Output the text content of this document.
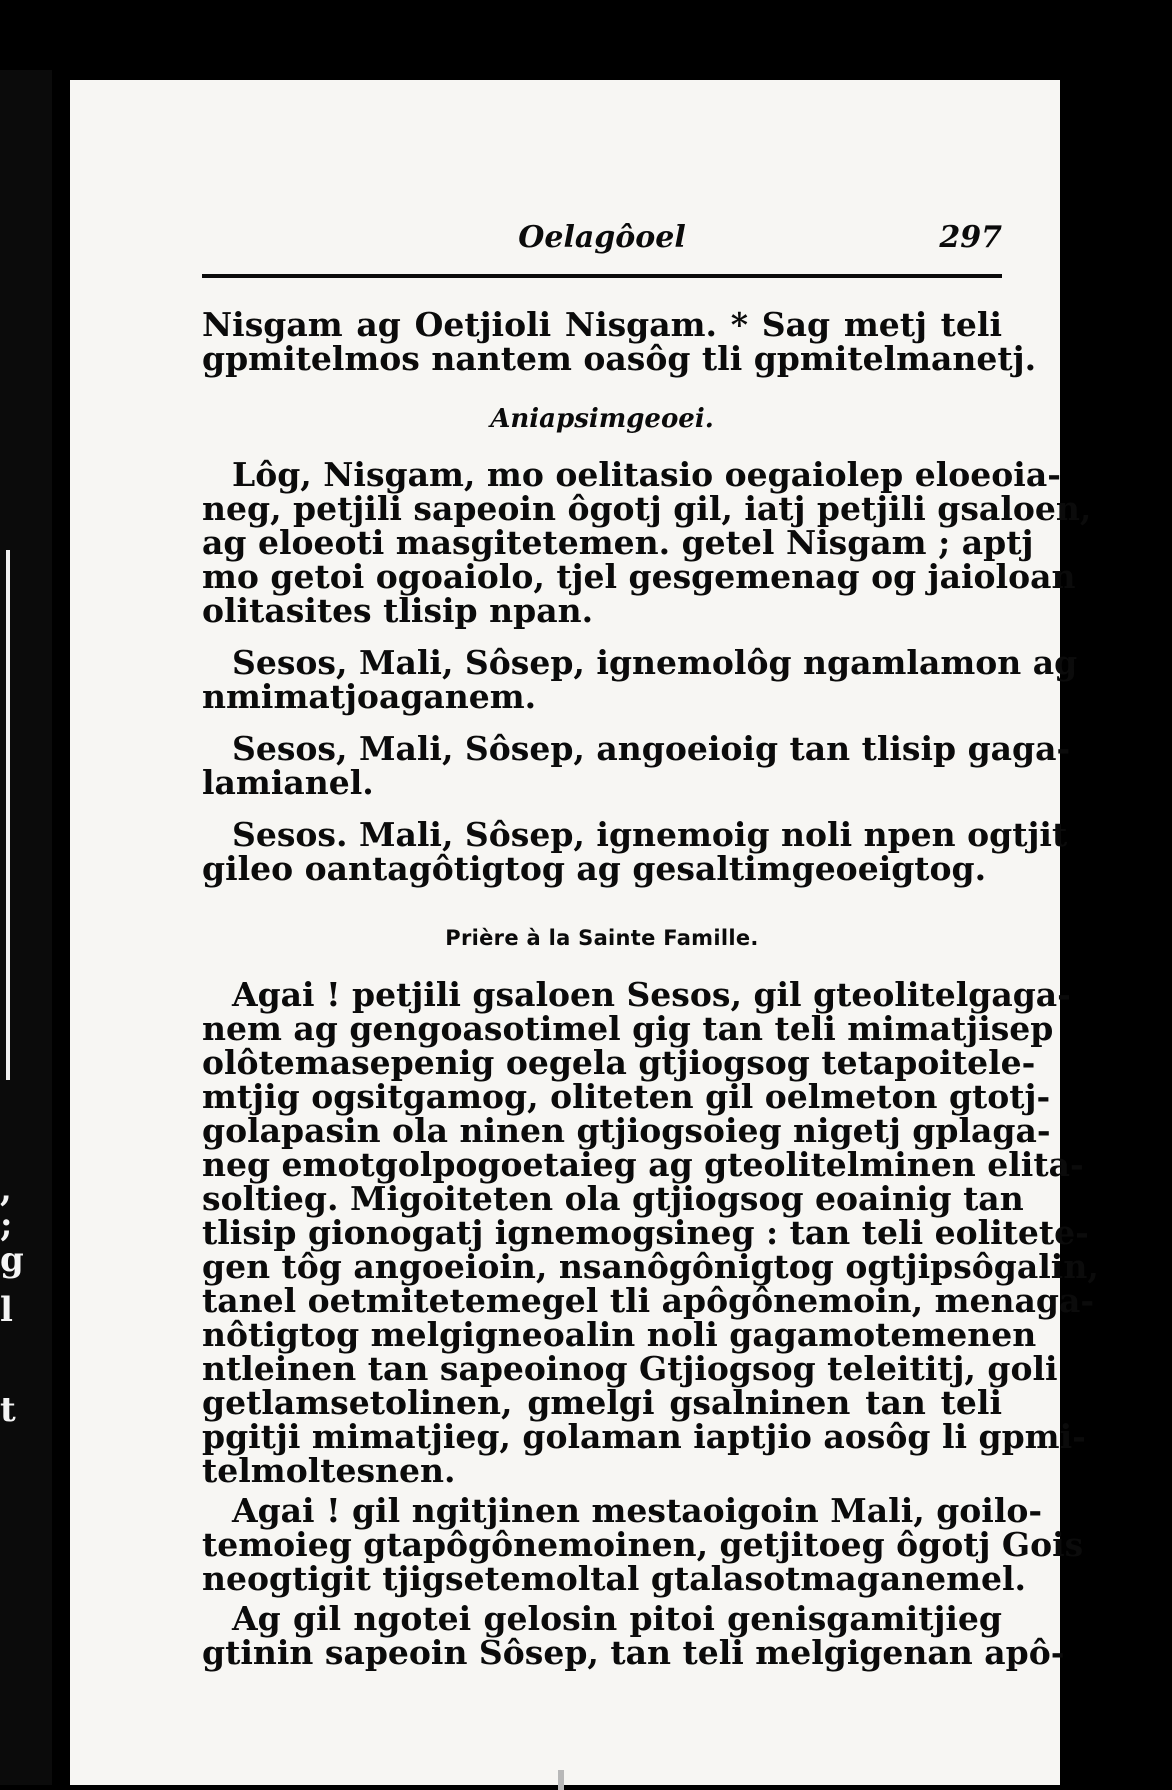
,
;
g
l
t
Oelagôoel	297
Nisgam ag Oetjioli Nisgam. * Sag metj teli
gpmitelmos nantem oasôg tli gpmitelmanetj.
Aniapsimgeoei.
Lôg, Nisgam, mo oelitasio oegaiolep eloeoia-
neg, petjili sapeoin ôgotj gil, iatj petjili gsaloen,
ag eloeoti masgitetemen. getel Nisgam ; aptj
mo getoi ogoaiolo, tjel gesgemenag og jaioloan
olitasites tlisip npan.
Sesos, Mali, Sôsep, ignemolôg ngamlamon ag
nmimatjoaganem.
Sesos, Mali, Sôsep, angoeioig tan tlisip gaga-
lamianel.
Sesos. Mali, Sôsep, ignemoig noli npen ogtjit
gileo oantagôtigtog ag gesaltimgeoeigtog.
Prière à la Sainte Famille.
Agai ! petjili gsaloen Sesos, gil gteolitelgaga-
nem ag gengoasotimel gig tan teli mimatjisep
olôtemasepenig oegela gtjiogsog tetapoitele-
mtjig ogsitgamog, oliteten gil oelmeton gtotj-
golapasin ola ninen gtjiogsoieg nigetj gplaga-
neg emotgolpogoetaieg ag gteolitelminen elita-
soltieg. Migoiteten ola gtjiogsog eoainig tan
tlisip gionogatj ignemogsineg : tan teli eolitete-
gen tôg angoeioin, nsanôgônigtog ogtjipsôgalin,
tanel oetmitetemegel tli apôgônemoin, menaga-
nôtigtog melgigneoalin noli gagamotemenen
ntleinen tan sapeoinog Gtjiogsog teleititj, goli
getlamsetolinen, gmelgi gsalninen tan teli
pgitji mimatjieg, golaman iaptjio aosôg li gpmi-
telmoltesnen.
Agai ! gil ngitjinen mestaoigoin Mali, goilo-
temoieg gtapôgônemoinen, getjitoeg ôgotj Gois
neogtigit tjigsetemoltal gtalasotmaganemel.
Ag gil ngotei gelosin pitoi genisgamitjieg
gtinin sapeoin Sôsep, tan teli melgigenan apô-
